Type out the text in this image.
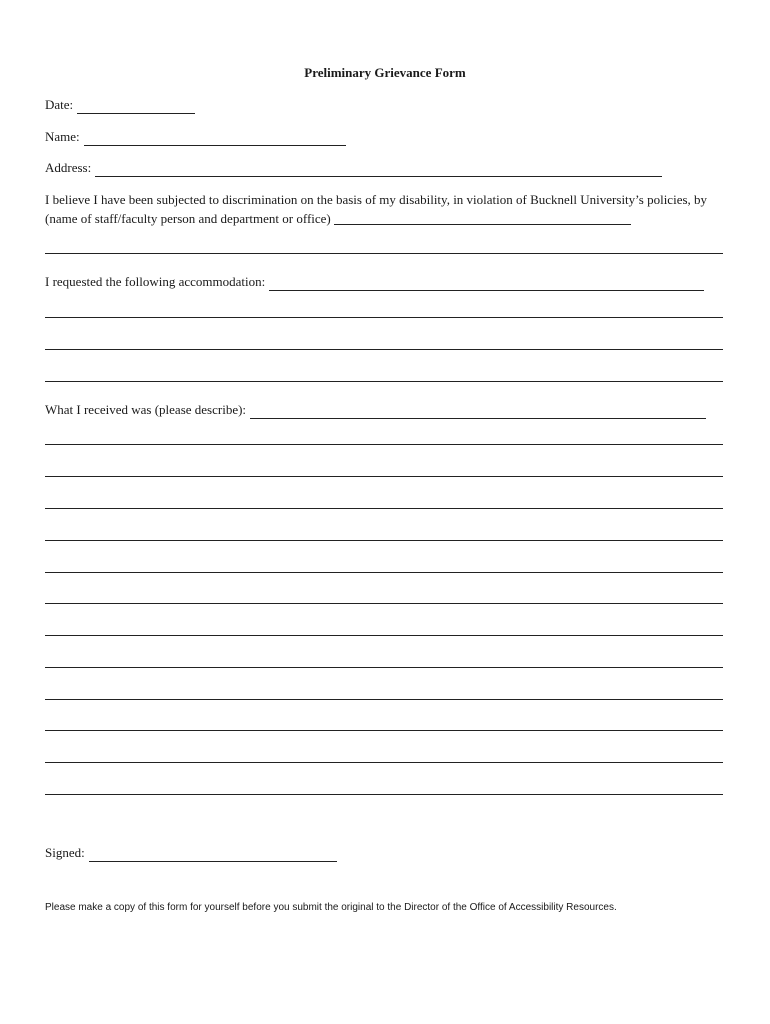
Preliminary Grievance Form
Date:
Name:
Address:
I believe I have been subjected to discrimination on the basis of my disability, in violation of Bucknell University’s policies, by (name of staff/faculty person and department or office)
I requested the following accommodation:
What I received was (please describe):
Signed:
Please make a copy of this form for yourself before you submit the original to the Director of the Office of Accessibility Resources.
